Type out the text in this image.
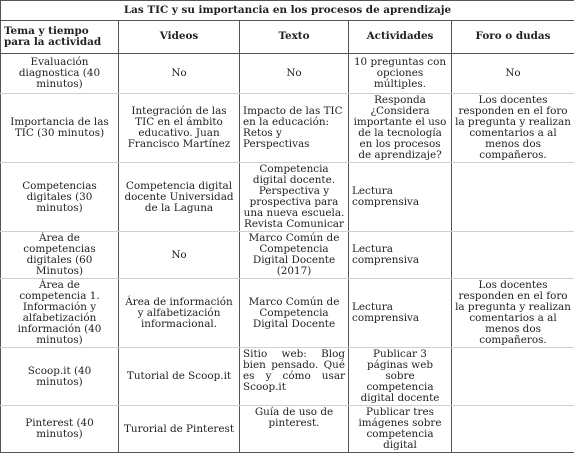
Las TIC y su importancia en los procesos de aprendizaje				
Tema y tiempo para la actividad	Videos	Texto	Actividades	Foro o dudas
Evaluación diagnostica (40 minutos)	No	No	10 preguntas con opciones múltiples.	No
Importancia de las TIC (30 minutos)	Integración de las TIC en el ámbito educativo. Juan Francisco Martínez	Impacto de las TIC en la educación: Retos y Perspectivas	Responda ¿Considera importante el uso de la tecnología en los procesos de aprendizaje?	Los docentes responden en el foro la pregunta y realizan comentarios a al menos dos compañeros.
Competencias digitales (30 minutos)	Competencia digital docente Universidad de la Laguna	Competencia digital docente. Perspectiva y prospectiva para una nueva escuela. Revista Comunicar	Lectura comprensiva	
Área de competencias digitales (60 Minutos)	No	Marco Común de Competencia Digital Docente (2017)	Lectura comprensiva	
Área de competencia 1. Información y alfabetización información (40 minutos)	Área de información y alfabetización informacional.	Marco Común de Competencia Digital Docente	Lectura comprensiva	Los docentes responden en el foro la pregunta y realizan comentarios a al menos dos compañeros.
Scoop.it (40 minutos)	Tutorial de Scoop.it	Sitio web: Blog bien pensado. Qué es y cómo usar Scoop.it	Publicar 3 páginas web sobre competencia digital docente	
Pinterest (40 minutos)	Turorial de Pinterest	Guía de uso de pinterest.	Publicar tres imágenes sobre competencia digital	
